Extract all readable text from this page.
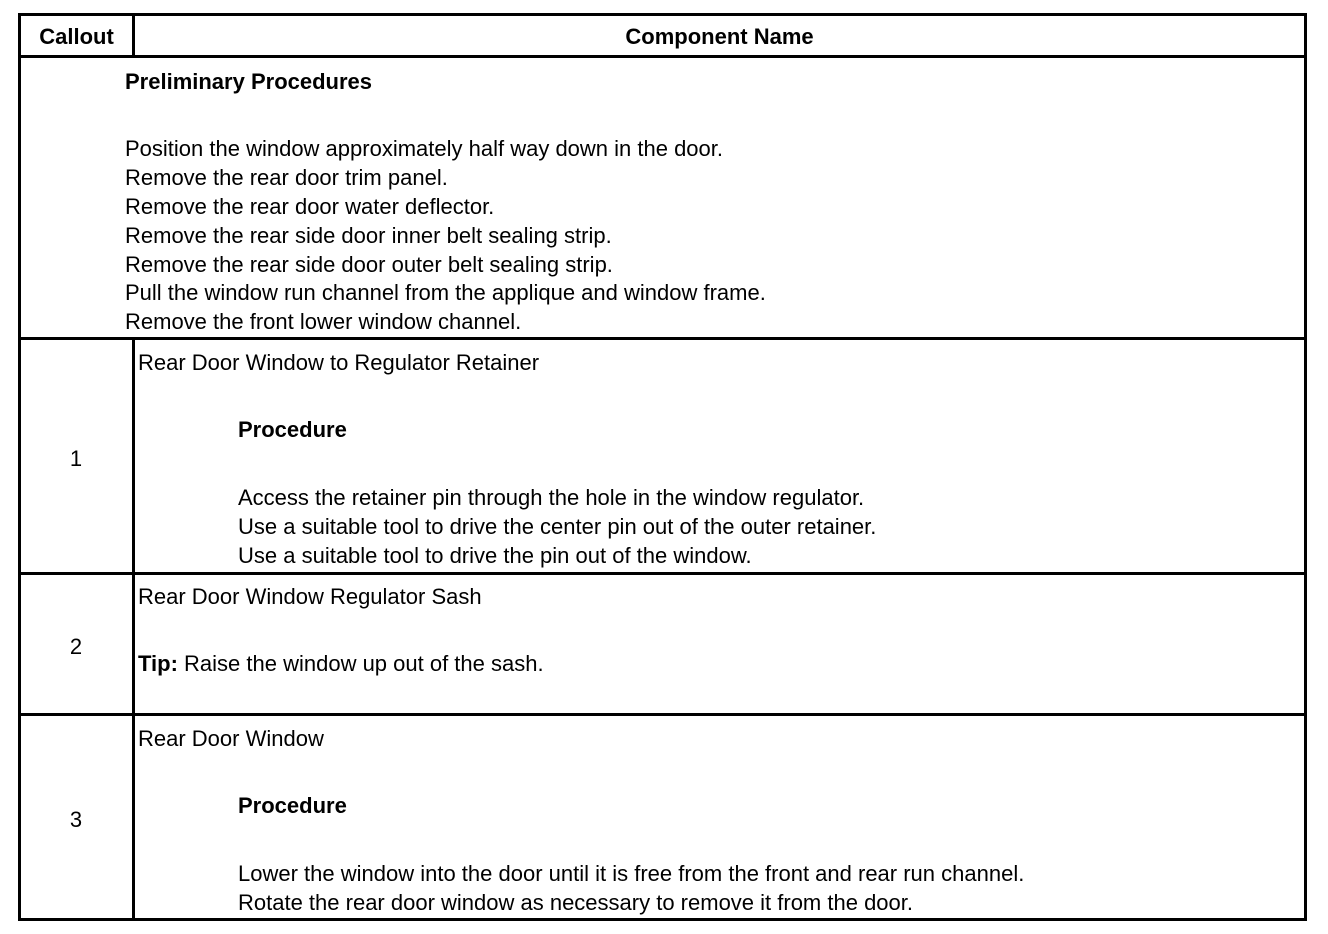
Callout	Component Name
Preliminary Procedures
Position the window approximately half way down in the door.
Remove the rear door trim panel.
Remove the rear door water deflector.
Remove the rear side door inner belt sealing strip.
Remove the rear side door outer belt sealing strip.
Pull the window run channel from the applique and window frame.
Remove the front lower window channel.
1
Rear Door Window to Regulator Retainer
Procedure
Access the retainer pin through the hole in the window regulator.
Use a suitable tool to drive the center pin out of the outer retainer.
Use a suitable tool to drive the pin out of the window.
2
Rear Door Window Regulator Sash
Tip: Raise the window up out of the sash.
3
Rear Door Window
Procedure
Lower the window into the door until it is free from the front and rear run channel.
Rotate the rear door window as necessary to remove it from the door.
